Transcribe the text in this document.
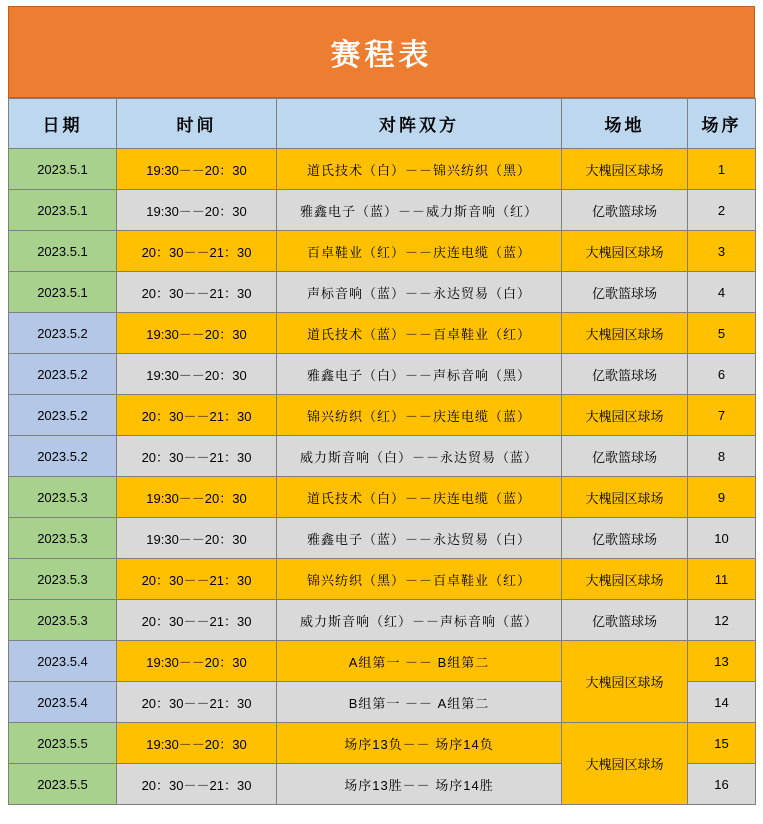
赛程表
日期	时间	对阵双方	场地	场序
2023.5.1	19:30－－20：30	道氏技术（白）－－锦兴纺织（黑）	大槐园区球场	1
2023.5.1	19:30－－20：30	雅鑫电子（蓝）－－威力斯音响（红）	亿歌篮球场	2
2023.5.1	20：30－－21：30	百卓鞋业（红）－－庆连电缆（蓝）	大槐园区球场	3
2023.5.1	20：30－－21：30	声标音响（蓝）－－永达贸易（白）	亿歌篮球场	4
2023.5.2	19:30－－20：30	道氏技术（蓝）－－百卓鞋业（红）	大槐园区球场	5
2023.5.2	19:30－－20：30	雅鑫电子（白）－－声标音响（黑）	亿歌篮球场	6
2023.5.2	20：30－－21：30	锦兴纺织（红）－－庆连电缆（蓝）	大槐园区球场	7
2023.5.2	20：30－－21：30	威力斯音响（白）－－永达贸易（蓝）	亿歌篮球场	8
2023.5.3	19:30－－20：30	道氏技术（白）－－庆连电缆（蓝）	大槐园区球场	9
2023.5.3	19:30－－20：30	雅鑫电子（蓝）－－永达贸易（白）	亿歌篮球场	10
2023.5.3	20：30－－21：30	锦兴纺织（黑）－－百卓鞋业（红）	大槐园区球场	11
2023.5.3	20：30－－21：30	威力斯音响（红）－－声标音响（蓝）	亿歌篮球场	12
2023.5.4	19:30－－20：30	A组第一 －－ B组第二	大槐园区球场	13
2023.5.4	20：30－－21：30	B组第一 －－ A组第二		14
2023.5.5	19:30－－20：30	场序13负－－ 场序14负	大槐园区球场	15
2023.5.5	20：30－－21：30	场序13胜－－ 场序14胜		16
